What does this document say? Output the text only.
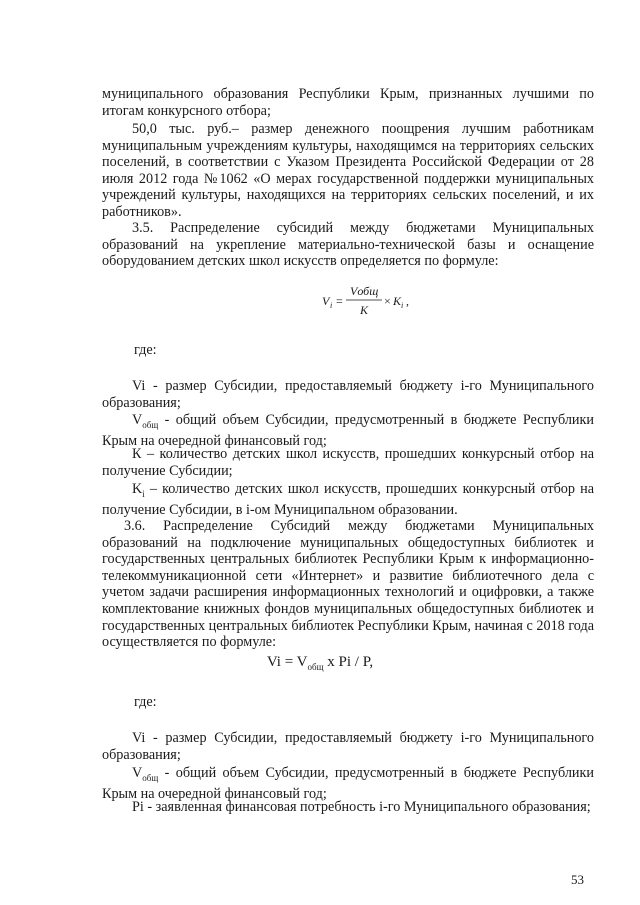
муниципального образования Республики Крым, признанных лучшими по итогам конкурсного отбора;

50,0 тыс. руб.– размер денежного поощрения лучшим работникам муниципальным учреждениям культуры, находящимся на территориях сельских поселений, в соответствии с Указом Президента Российской Федерации от 28 июля 2012 года №1062 «О мерах государственной поддержки муниципальных учреждений культуры, находящихся на территориях сельских поселений, и их работников».

3.5. Распределение субсидий между бюджетами Муниципальных образований на укрепление материально-технической базы и оснащение оборудованием детских школ искусств определяется по формуле:

V i =
Vобщ
K
× K i ,

где:

Vi - размер Субсидии, предоставляемый бюджету i-го Муниципального образования;

$V_{общ}$ - общий объем Субсидии, предусмотренный в бюджете Республики Крым на очередной финансовый год;

К – количество детских школ искусств, прошедших конкурсный отбор на получение Субсидии;

$K_i$ – количество детских школ искусств, прошедших конкурсный отбор на получение Субсидии, в i-ом Муниципальном образовании.

3.6. Распределение Субсидий между бюджетами Муниципальных образований на подключение муниципальных общедоступных библиотек и государственных центральных библиотек Республики Крым к информационно-телекоммуникационной сети «Интернет» и развитие библиотечного дела с учетом задачи расширения информационных технологий и оцифровки, а также комплектование книжных фондов муниципальных общедоступных библиотек и государственных центральных библиотек Республики Крым, начиная с 2018 года осуществляется по формуле:

$Vi = V_{общ}$ x Pi / P,

где:

Vi - размер Субсидии, предоставляемый бюджету i-го Муниципального образования;

$V_{общ}$ - общий объем Субсидии, предусмотренный в бюджете Республики Крым на очередной финансовый год;

Pi - заявленная финансовая потребность i-го Муниципального образования;

53
